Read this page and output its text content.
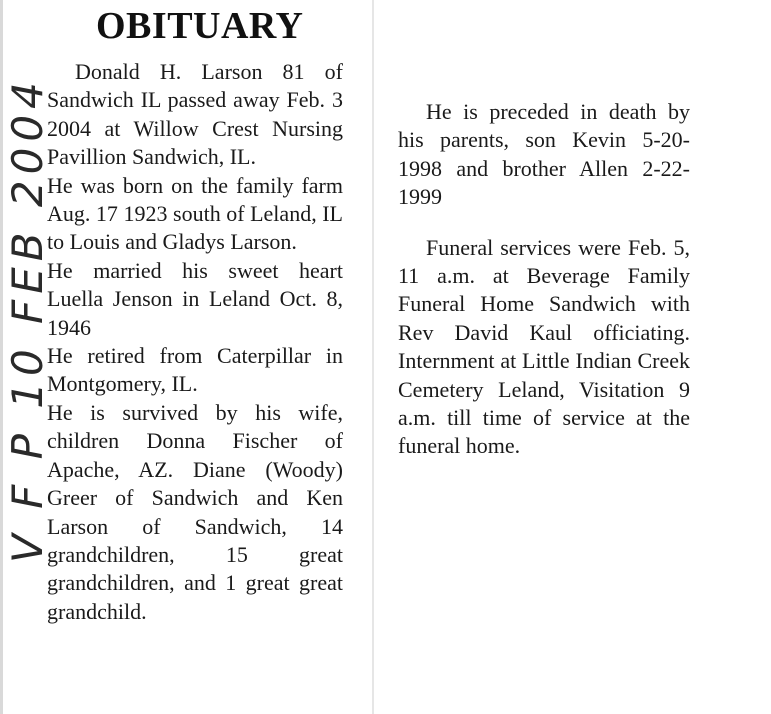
V F P 10 FEB 2004
OBITUARY

Donald H. Larson 81 of Sandwich IL passed away Feb. 3 2004 at Willow Crest Nursing Pavillion Sandwich, IL.

He was born on the family farm Aug. 17 1923 south of Leland, IL to Louis and Gladys Larson.

He married his sweet heart Luella Jenson in Leland Oct. 8, 1946

He retired from Caterpillar in Montgomery, IL.

He is survived by his wife, children Donna Fischer of Apache, AZ. Diane (Woody) Greer of Sandwich and Ken Larson of Sandwich, 14 grandchildren, 15 great grandchildren, and 1 great great grandchild.

He is preceded in death by his parents, son Kevin 5-20-1998 and brother Allen 2-22-1999

Funeral services were Feb. 5, 11 a.m. at Beverage Family Funeral Home Sandwich with Rev David Kaul officiating. Internment at Little Indian Creek Cemetery Leland, Visitation 9 a.m. till time of service at the funeral home.
